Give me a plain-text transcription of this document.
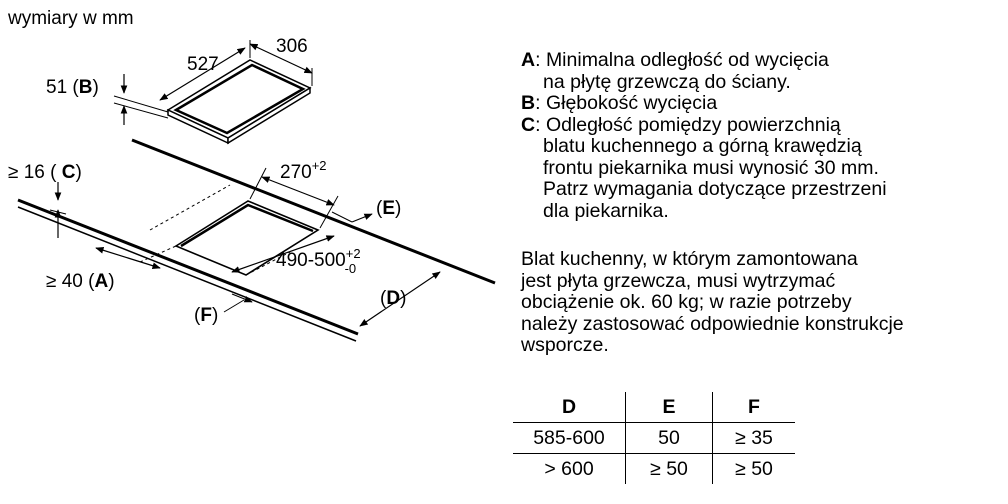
wymiary w mm
527
306
51 (B)
≥ 16 ( C)
≥ 40 (A)
$270^{+2}$
$490-500^{+2}$ -0
(E)
(D)
(F)
A : Minimalna odległość od wycięcia
na płytę grzewczą do ściany.
B : Głębokość wycięcia
C : Odległość pomiędzy powierzchnią
blatu kuchennego a górną krawędzią
frontu piekarnika musi wynosić 30 mm.
Patrz wymagania dotyczące przestrzeni
dla piekarnika.
Blat kuchenny, w którym zamontowana
jest płyta grzewcza, musi wytrzymać
obciążenie ok. 60 kg; w razie potrzeby
należy zastosować odpowiednie konstrukcje
wsporcze.
D	E	F
585-600	50	≥ 35
> 600	≥ 50	≥ 50
